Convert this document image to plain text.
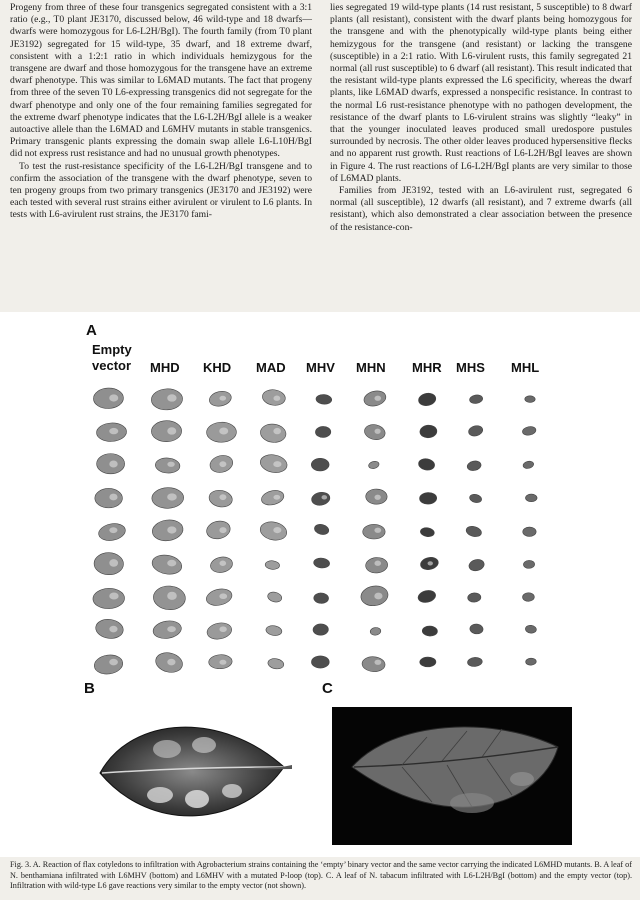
Progeny from three of these four transgenics segregated consistent with a 3:1 ratio (e.g., T0 plant JE3170, discussed below, 46 wild-type and 18 dwarfs—dwarfs were homozygous for L6-L2H/BgI). The fourth family (from T0 plant JE3192) segregated for 15 wild-type, 35 dwarf, and 18 extreme dwarf, consistent with a 1:2:1 ratio in which individuals hemizygous for the transgene are dwarf and those homozygous for the transgene have an extreme dwarf phenotype. This was similar to L6MAD mutants. The fact that progeny from three of the seven T0 L6-expressing transgenics did not segregate for the dwarf phenotype and only one of the four remaining families segregated for the extreme dwarf phenotype indicates that the L6-L2H/BgI allele is a weaker autoactive allele than the L6MAD and L6MHV mutants in stable transgenics. Primary transgenic plants expressing the domain swap allele L6-L10H/BgI did not express rust resistance and had no unusual growth phenotypes.

To test the rust-resistance specificity of the L6-L2H/BgI transgene and to confirm the association of the transgene with the dwarf phenotype, seven to ten progeny groups from two primary transgenics (JE3170 and JE3192) were each tested with several rust strains either avirulent or virulent to L6 plants. In tests with L6-avirulent rust strains, the JE3170 fami-

lies segregated 19 wild-type plants (14 rust resistant, 5 susceptible) to 8 dwarf plants (all resistant), consistent with the dwarf plants being homozygous for the transgene and with the phenotypically wild-type plants being either hemizygous for the transgene (and resistant) or lacking the transgene (susceptible) in a 2:1 ratio. With L6-virulent rusts, this family segregated 21 normal (all rust susceptible) to 6 dwarf (all resistant). This result indicated that the resistant wild-type plants expressed the L6 specificity, whereas the dwarf plants, like L6MAD dwarfs, expressed a nonspecific resistance. In contrast to the normal L6 rust-resistance phenotype with no pathogen development, the resistance of the dwarf plants to L6-virulent strains was slightly “leaky” in that the younger inoculated leaves produced small uredospore pustules surrounded by necrosis. The other older leaves produced hypersensitive flecks and no apparent rust growth. Rust reactions of L6-L2H/BgI leaves are shown in Figure 4. The rust reactions of L6-L2H/BgI plants are very similar to those of L6MAD plants.

Families from JE3192, tested with an L6-avirulent rust, segregated 6 normal (all susceptible), 12 dwarfs (all resistant), and 7 extreme dwarfs (all resistant), which also demonstrated a clear association between the presence of the resistance-con-

A
Empty vector	MHD KHD MAD MHV MHN MHR MHS MHL
B	C

Fig. 3. A. Reaction of flax cotyledons to infiltration with Agrobacterium strains containing the ‘empty’ binary vector and the same vector carrying the indicated L6MHD mutants. B. A leaf of N. benthamiana infiltrated with L6MHV (bottom) and L6MHV with a mutated P-loop (top). C. A leaf of N. tabacum infiltrated with L6-L2H/BgI (bottom) and the empty vector (top). Infiltration with wild-type L6 gave reactions very similar to the empty vector (not shown).
